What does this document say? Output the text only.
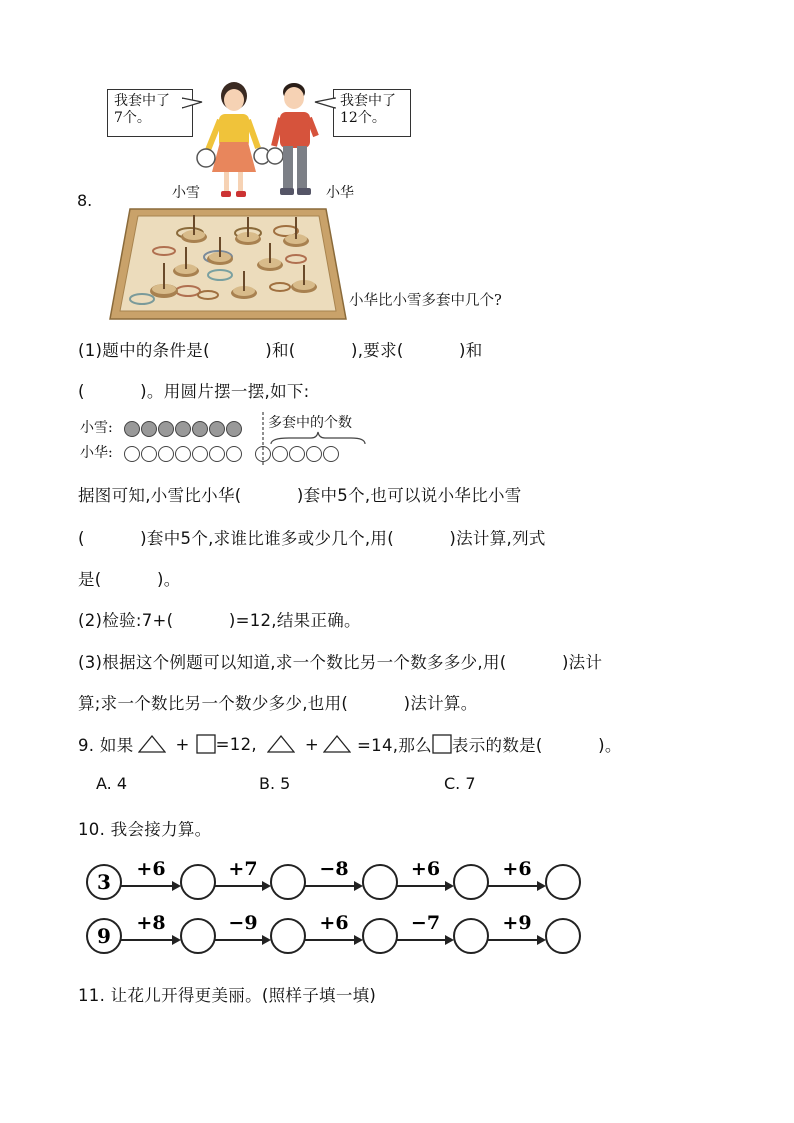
8.
我套中了
7个。
我套中了
12个。
小雪	小华
小华比小雪多套中几个?
(1)题中的条件是(          )和(          ),要求(          )和
(          )。用圆片摆一摆,如下:
小雪:
小华:
多套中的个数
据图可知,小雪比小华(          )套中5个,也可以说小华比小雪
(          )套中5个,求谁比谁多或少几个,用(          )法计算,列式
是(          )。
(2)检验:7+(          )=12,结果正确。
(3)根据这个例题可以知道,求一个数比另一个数多多少,用(          )法计
算;求一个数比另一个数少多少,也用(          )法计算。
9. 如果	+ =12,	+ =14,那么 表示的数是(          )。
A. 4	B. 5	C. 7
10. 我会接力算。
3
+6	+7	−8	+6	+6
9
+8	−9	+6	−7	+9
11. 让花儿开得更美丽。(照样子填一填)
